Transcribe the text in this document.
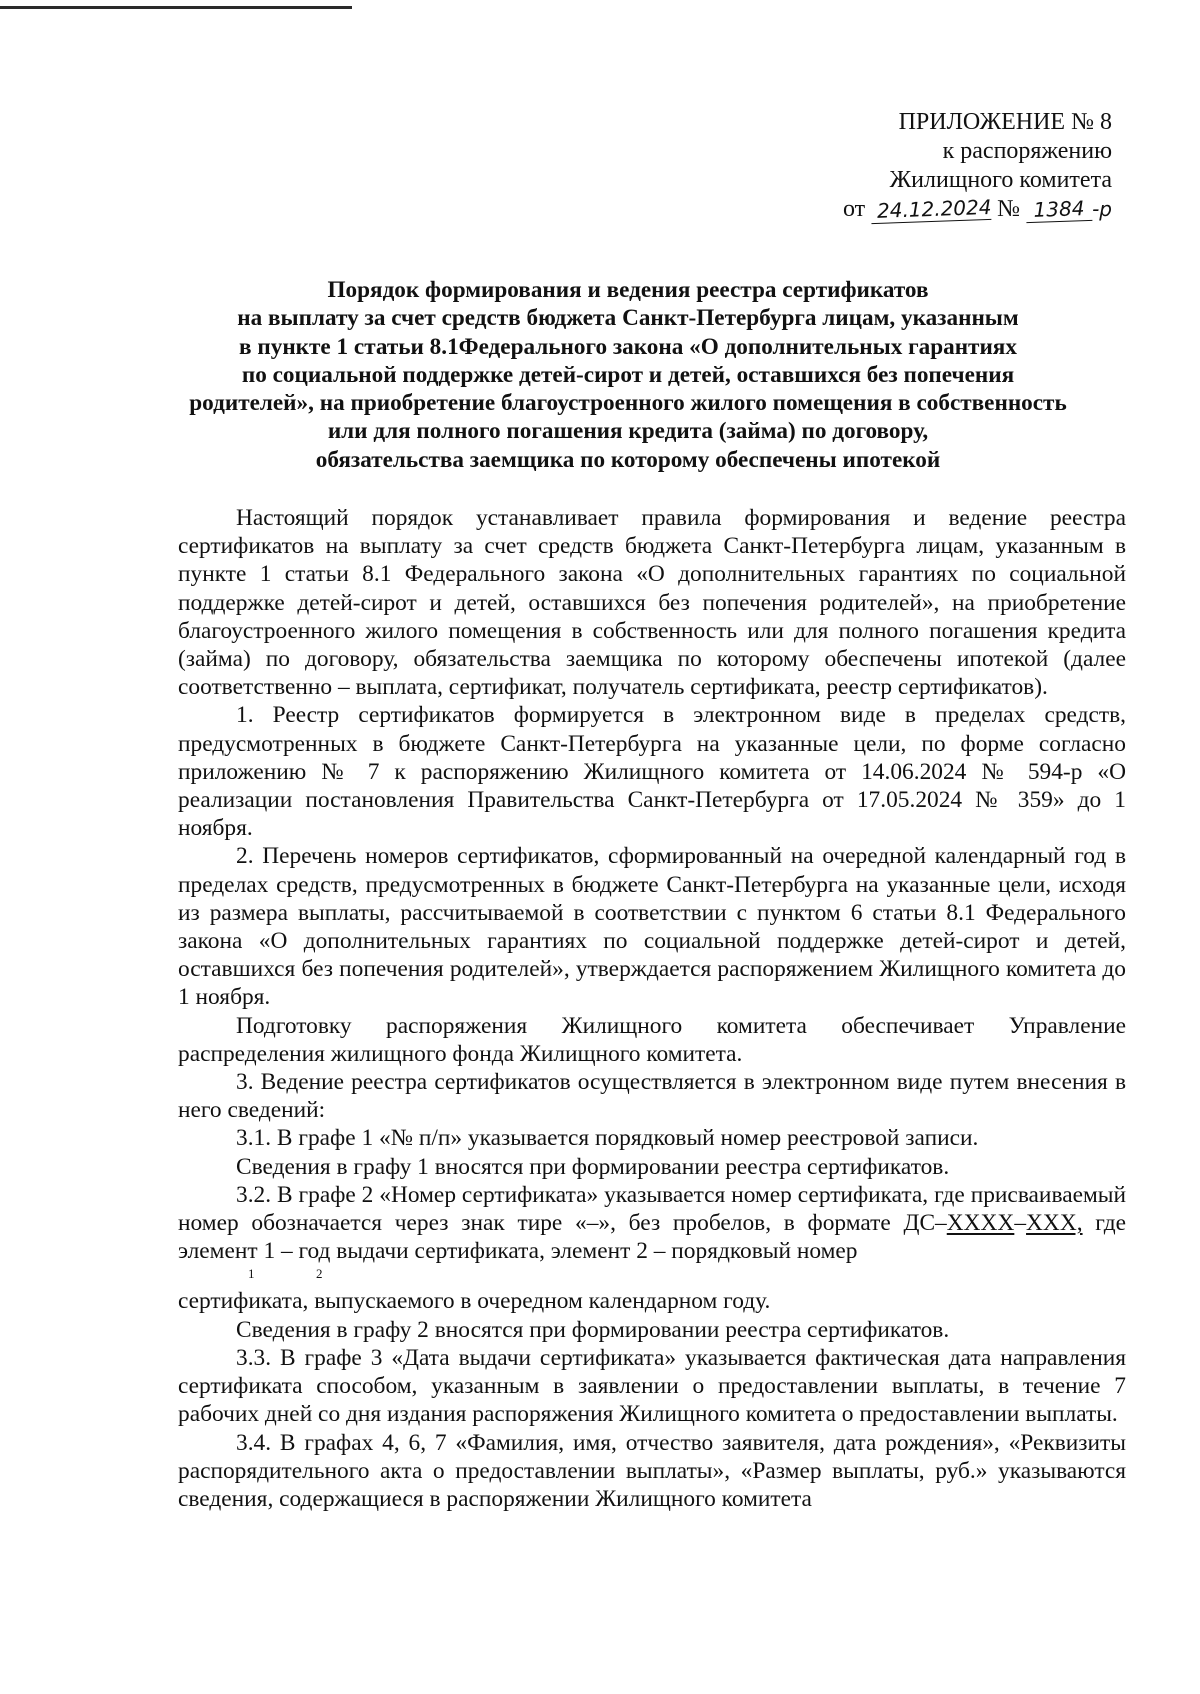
ПРИЛОЖЕНИЕ № 8
к распоряжению
Жилищного комитета
от 24.12.2024 № 1384 -р
Порядок формирования и ведения реестра сертификатов
на выплату за счет средств бюджета Санкт-Петербурга лицам, указанным
в пункте 1 статьи 8.1Федерального закона «О дополнительных гарантиях
по социальной поддержке детей-сирот и детей, оставшихся без попечения
родителей», на приобретение благоустроенного жилого помещения в собственность
или для полного погашения кредита (займа) по договору,
обязательства заемщика по которому обеспечены ипотекой

Настоящий порядок устанавливает правила формирования и ведение реестра сертификатов на выплату за счет средств бюджета Санкт-Петербурга лицам, указанным в пункте 1 статьи 8.1 Федерального закона «О дополнительных гарантиях по социальной поддержке детей-сирот и детей, оставшихся без попечения родителей», на приобретение благоустроенного жилого помещения в собственность или для полного погашения кредита (займа) по договору, обязательства заемщика по которому обеспечены ипотекой (далее соответственно – выплата, сертификат, получатель сертификата, реестр сертификатов).

1. Реестр сертификатов формируется в электронном виде в пределах средств, предусмотренных в бюджете Санкт-Петербурга на указанные цели, по форме согласно приложению № 7 к распоряжению Жилищного комитета от 14.06.2024 № 594-р «О реализации постановления Правительства Санкт-Петербурга от 17.05.2024 № 359» до 1 ноября.

2. Перечень номеров сертификатов, сформированный на очередной календарный год в пределах средств, предусмотренных в бюджете Санкт-Петербурга на указанные цели, исходя из размера выплаты, рассчитываемой в соответствии с пунктом 6 статьи 8.1 Федерального закона «О дополнительных гарантиях по социальной поддержке детей-сирот и детей, оставшихся без попечения родителей», утверждается распоряжением Жилищного комитета до 1 ноября.

Подготовку распоряжения Жилищного комитета обеспечивает Управление распределения жилищного фонда Жилищного комитета.

3. Ведение реестра сертификатов осуществляется в электронном виде путем внесения в него сведений:

3.1. В графе 1 «№ п/п» указывается порядковый номер реестровой записи.

Сведения в графу 1 вносятся при формировании реестра сертификатов.

3.2. В графе 2 «Номер сертификата» указывается номер сертификата, где присваиваемый номер обозначается через знак тире «–», без пробелов, в формате ДС–ХХХХ–ХХХ, где элемент 1 – год выдачи сертификата, элемент 2 – порядковый номер

1	2

сертификата, выпускаемого в очередном календарном году.

Сведения в графу 2 вносятся при формировании реестра сертификатов.

3.3. В графе 3 «Дата выдачи сертификата» указывается фактическая дата направления сертификата способом, указанным в заявлении о предоставлении выплаты, в течение 7 рабочих дней со дня издания распоряжения Жилищного комитета о предоставлении выплаты.

3.4. В графах 4, 6, 7 «Фамилия, имя, отчество заявителя, дата рождения», «Реквизиты распорядительного акта о предоставлении выплаты», «Размер выплаты, руб.» указываются сведения, содержащиеся в распоряжении Жилищного комитета
